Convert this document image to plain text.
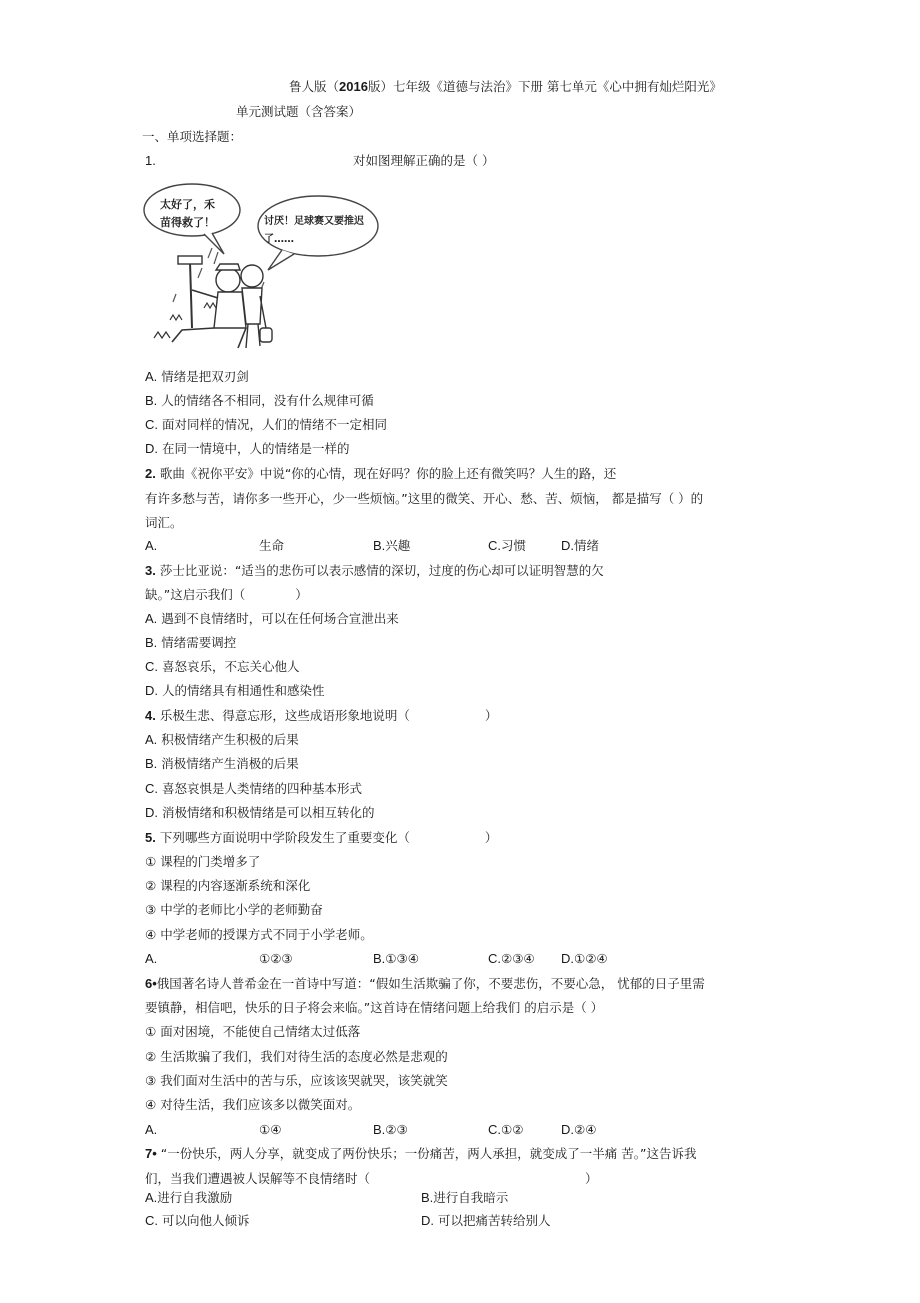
鲁人版（2016版）七年级《道德与法治》下册 第七单元《心中拥有灿烂阳光》
单元测试题（含答案）
一、单项选择题：
1.	对如图理解正确的是（ ）
太好了，禾
苗得救了！	讨厌！足球赛又要推迟
了……
A. 情绪是把双刃剑
B. 人的情绪各不相同，没有什么规律可循
C. 面对同样的情况，人们的情绪不一定相同
D. 在同一情境中，人的情绪是一样的
2. 歌曲《祝你平安》中说“你的心情，现在好吗？你的脸上还有微笑吗？人生的路，还
有许多愁与苦，请你多一些开心，少一些烦恼。”这里的微笑、开心、愁、苦、烦恼， 都是描写（ ）的
词汇。
A.	生命	B.兴趣	C.习惯	D.情绪
3. 莎士比亚说：“适当的悲伤可以表示感情的深切，过度的伤心却可以证明智慧的欠
缺。”这启示我们（　　　　）
A. 遇到不良情绪时，可以在任何场合宣泄出来
B. 情绪需要调控
C. 喜怒哀乐，不忘关心他人
D. 人的情绪具有相通性和感染性
4. 乐极生悲、得意忘形，这些成语形象地说明（　　　　　　）
A. 积极情绪产生积极的后果
B. 消极情绪产生消极的后果
C. 喜怒哀惧是人类情绪的四种基本形式
D. 消极情绪和积极情绪是可以相互转化的
5. 下列哪些方面说明中学阶段发生了重要变化（　　　　　　）
① 课程的门类增多了
② 课程的内容逐渐系统和深化
③ 中学的老师比小学的老师勤奋
④ 中学老师的授课方式不同于小学老师。
A.	①②③	B.①③④	C.②③④ D.①②④
6•俄国著名诗人普希金在一首诗中写道：“假如生活欺骗了你，不要悲伤，不要心急， 忧郁的日子里需
要镇静，相信吧，快乐的日子将会来临。”这首诗在情绪问题上给我们 的启示是（ ）
① 面对困境，不能使自己情绪太过低落
② 生活欺骗了我们，我们对待生活的态度必然是悲观的
③ 我们面对生活中的苦与乐，应该该哭就哭，该笑就笑
④ 对待生活，我们应该多以微笑面对。
A.	①④	B.②③	C.①②	D.②④
7• “一份快乐，两人分享，就变成了两份快乐；一份痛苦，两人承担，就变成了一半痛 苦。”这告诉我
们，当我们遭遇被人误解等不良情绪时（	）
A.进行自我激励	B.进行自我暗示
C. 可以向他人倾诉	D. 可以把痛苦转给别人
